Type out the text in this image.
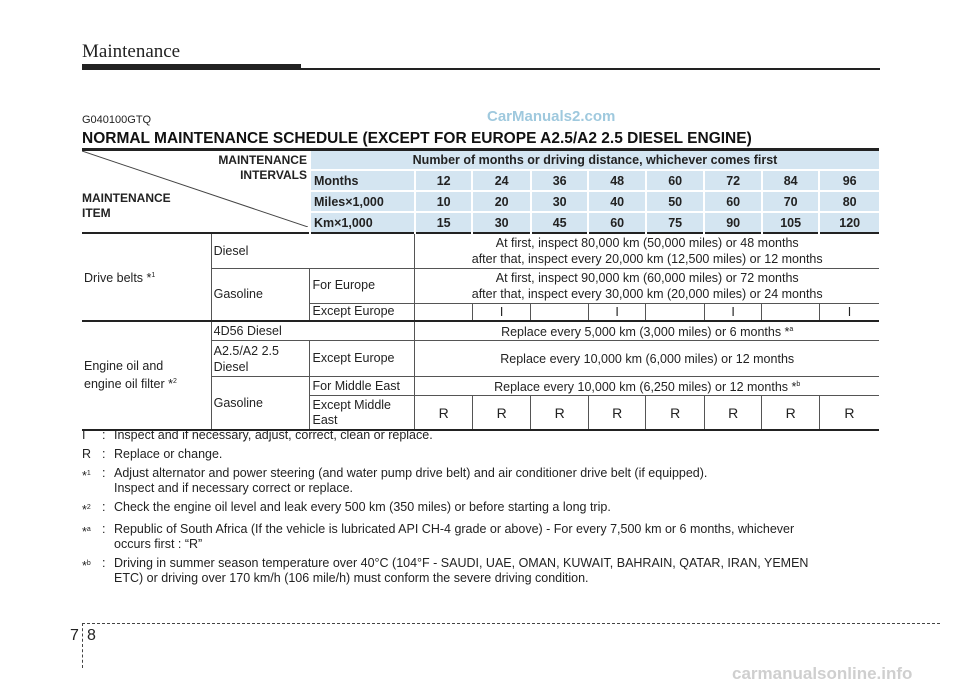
Maintenance
G040100GTQ	CarManuals2.com
NORMAL MAINTENANCE SCHEDULE (EXCEPT FOR EUROPE A2.5/A2 2.5 DIESEL ENGINE)
MAINTENANCE
INTERVALS
MAINTENANCE
ITEM		Number of months or driving distance, whichever comes first								
		Months	12	24	36	48	60	72	84	96
		Miles×1,000	10	20	30	40	50	60	70	80
		Km×1,000	15	30	45	60	75	90	105	120
Drive belts *$^1$	Diesel		At first, inspect 80,000 km (50,000 miles) or 48 months
after that, inspect every 20,000 km (12,500 miles) or 12 months							

	Gasoline	For Europe	At first, inspect 90,000 km (60,000 miles) or 72 months
after that, inspect every 30,000 km (20,000 miles) or 24 months							

		Except Europe		I		I		I		I

Engine oil and
engine oil filter *$^2$	4D56 Diesel		Replace every 5,000 km (3,000 miles) or 6 months *$^a$

	A2.5/A2 2.5
Diesel	Except Europe	Replace every 10,000 km (6,000 miles) or 12 months							
	Gasoline	For Middle East	Replace every 10,000 km (6,250 miles) or 12 months *$^b$

		Except Middle
East	R	R	R	R	R	R	R	R
I	: Inspect and if necessary, adjust, correct, clean or replace.
R : Replace or change.
*$^1$ : Adjust alternator and power steering (and water pump drive belt) and air conditioner drive belt (if equipped).
Inspect and if necessary correct or replace.
*$^2$ : Check the engine oil level and leak every 500 km (350 miles) or before starting a long trip.
*$^a$ : Republic of South Africa (If the vehicle is lubricated API CH-4 grade or above) - For every 7,500 km or 6 months, whichever
occurs first : “R”
*$^b$ : Driving in summer season temperature over 40°C (104°F - SAUDI, UAE, OMAN, KUWAIT, BAHRAIN, QATAR, IRAN, YEMEN
ETC) or driving over 170 km/h (106 mile/h) must conform the severe driving condition.
7 8
carmanualsonline.info
